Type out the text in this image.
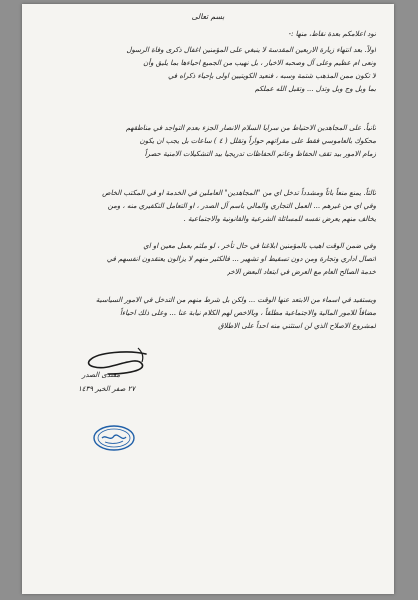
بسم تعالى
نود اعلامكم بعدة نقاط، منها :-
اولاً. بعد انتهاء زيارة الاربعين المقدسة لا ينبغي على المؤمنين اغفال ذكرى وفاة الرسول
ونعى ام عظيم وعلى آل وصحبه الاخيار ، بل نهيب من الجميع احياءها بما يليق وأن
لا تكون ممن المذهب شتمة وسبه ، فنعيد الكويتيين اولى بإحياء ذكراه في
بما وبل وج وبل وتدل ... وتقبل الله عملكم
ثانياً. على المجاهدين الاحتياط من سرايا السلام الانصار الجزء بعدم التواجد في مناطقهم
محكوك بالعاموسي فقط على مقراتهم حواراً وتقلل ( ٤ ) ساعات بل يجب ان يكون
زمام الامور بيد تقف الحفاظ وعاتم الحفاظات تدريجيا بيد التشكيلات الامنية حصراً
ثالثاً. يمنع منعاً باتاً ومشدداً تدخل اي من "المجاهدين" العاملين في الخدمة او في المكتب الخاص
وفي اي من غيرهم ... العمل التجاري والمالي باسم آل الصدر ، او التعامل التكفيري منه ، ومن
يخالف منهم يعرض نفسه للمسائلة الشرعية والقانونية والاجتماعية .
وفي ضمن الوقت اهيب بالمؤمنين ابلاغنا في حال تأخر ، لو ملثم بعمل معين او اي
اتصال اداري وتجارة ومن دون تسقيط او تشهير ... فالكثير منهم لا يزالون يعتقدون انفسهم في
خدمة الصالح العام مع العرض في ابتعاد البعض الاخر
ويستفيد في اسماء من الابتعد عنها الوقت ... ولكن بل شرط منهم من التدخل في الامور السياسية
مضافاً للامور المالية والاجتماعية مطلقاً ، وبالاخص لهم الكلام نيابة عنا ... وعلى ذلك احياءاً
لمشروع الاصلاح الذي لن استثني منه احداً على الاطلاق
مقتدى الصدر
٢٧ صفر الخير ١٤٣٩
